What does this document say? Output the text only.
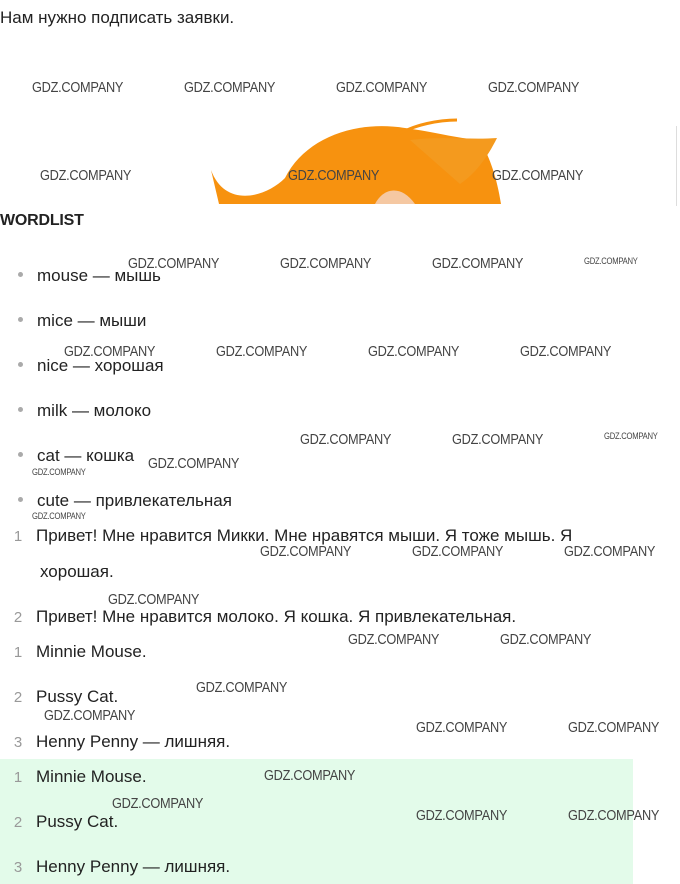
Нам нужно подписать заявки.
WORDLIST
mouse — мышь
mice — мыши
nice — хорошая
milk — молоко
cat — кошка
cute — привлекательная
1 Привет! Мне нравится Микки. Мне нравятся мыши. Я тоже мышь. Я
хорошая.
2 Привет! Мне нравится молоко. Я кошка. Я привлекательная.
1 Minnie Mouse.
2 Pussy Cat.
3 Henny Penny — лишняя.
1 Minnie Mouse.
2 Pussy Cat.
3 Henny Penny — лишняя.
GDZ.COMPANY	GDZ.COMPANY	GDZ.COMPANY	GDZ.COMPANY
GDZ.COMPANY	GDZ.COMPANY	GDZ.COMPANY
GDZ.COMPANY	GDZ.COMPANY	GDZ.COMPANY	GDZ.COMPANY
GDZ.COMPANY	GDZ.COMPANY	GDZ.COMPANY	GDZ.COMPANY
GDZ.COMPANY	GDZ.COMPANY	GDZ.COMPANY
GDZ.COMPANY
GDZ.COMPANY
GDZ.COMPANY
GDZ.COMPANY	GDZ.COMPANY	GDZ.COMPANY
GDZ.COMPANY
GDZ.COMPANY	GDZ.COMPANY
GDZ.COMPANY
GDZ.COMPANY
GDZ.COMPANY	GDZ.COMPANY
GDZ.COMPANY
GDZ.COMPANY
GDZ.COMPANY	GDZ.COMPANY
